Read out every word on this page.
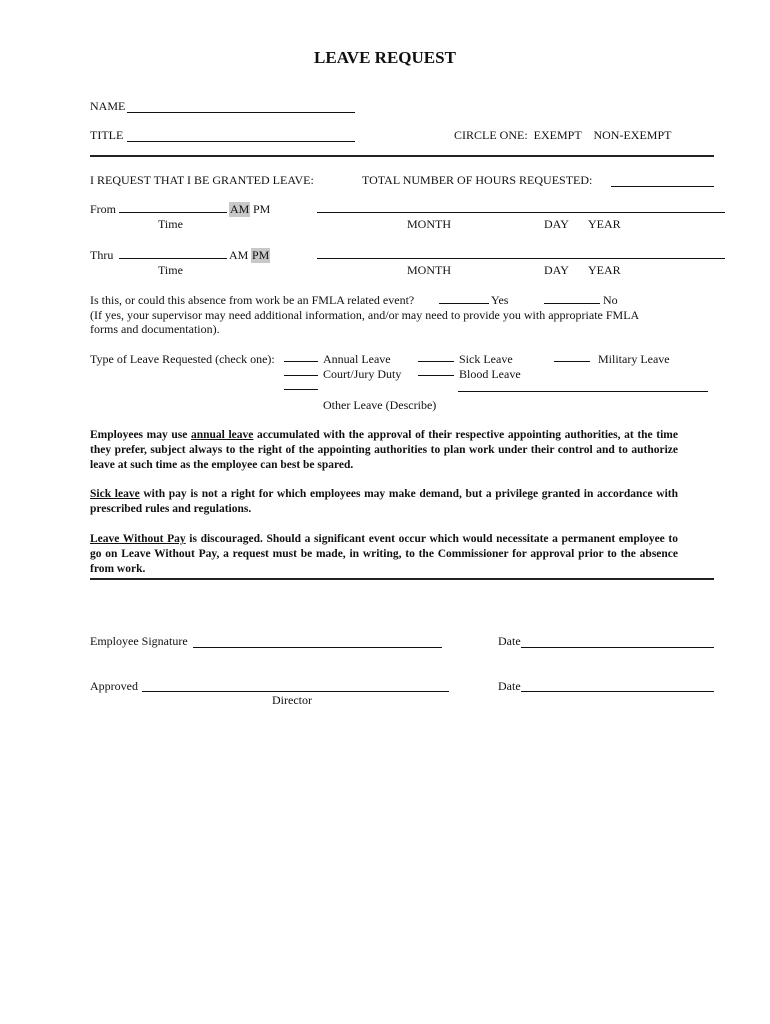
LEAVE REQUEST
NAME
TITLE	CIRCLE ONE:  EXEMPT    NON-EXEMPT
I REQUEST THAT I BE GRANTED LEAVE:	TOTAL NUMBER OF HOURS REQUESTED:
From	AM PM
Time	MONTH	DAY YEAR
Thru	AM PM
Time	MONTH	DAY YEAR
Is this, or could this absence from work be an FMLA related event?	Yes	No
(If yes, your supervisor may need additional information, and/or may need to provide you with appropriate FMLA
forms and documentation).
Type of Leave Requested (check one):	Annual Leave	Sick Leave	Military Leave
Court/Jury Duty	Blood Leave
Other Leave (Describe)
Employees may use annual leave accumulated with the approval of their respective appointing authorities, at the time they prefer, subject always to the right of the appointing authorities to plan work under their control and to authorize leave at such time as the employee can best be spared.
Sick leave with pay is not a right for which employees may make demand, but a privilege granted in accordance with prescribed rules and regulations.
Leave Without Pay is discouraged. Should a significant event occur which would necessitate a permanent employee to go on Leave Without Pay, a request must be made, in writing, to the Commissioner for approval prior to the absence from work.
Employee Signature	Date
Approved	Date
Director
